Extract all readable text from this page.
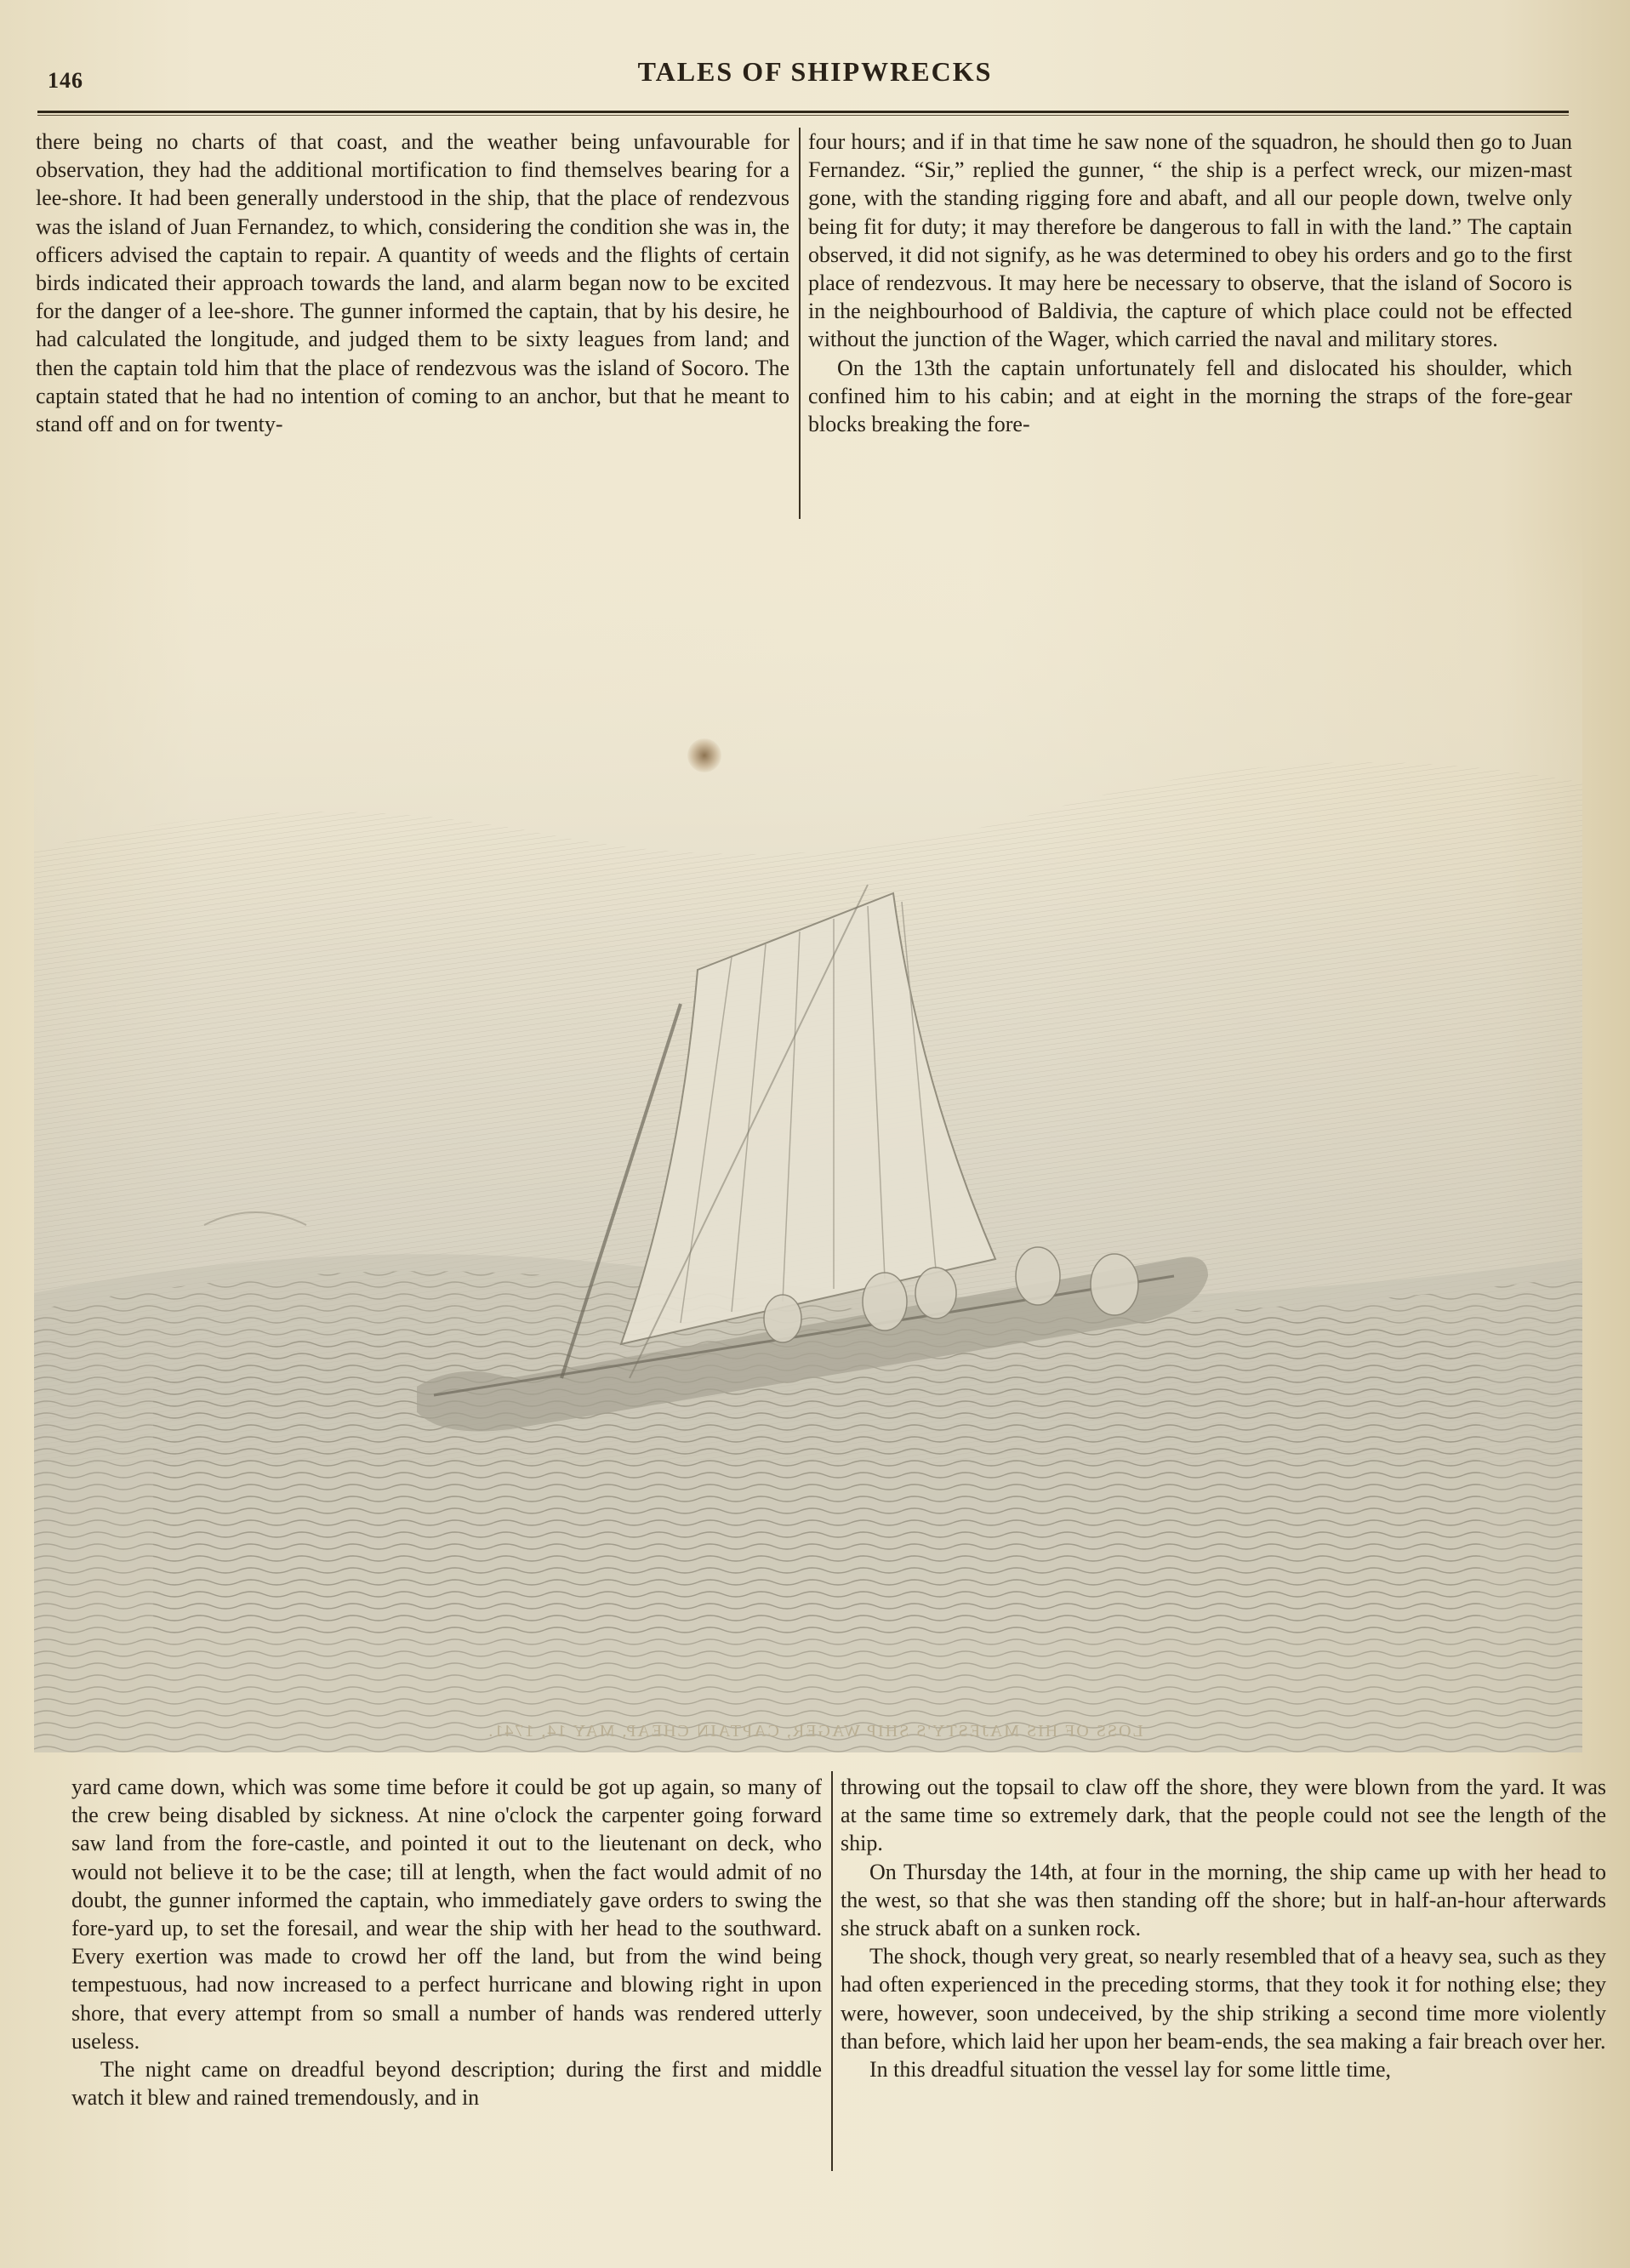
146	TALES OF SHIPWRECKS

there being no charts of that coast, and the weather being unfavourable for observation, they had the additional mortification to find themselves bearing for a lee-shore. It had been generally understood in the ship, that the place of rendezvous was the island of Juan Fernandez, to which, considering the condition she was in, the officers advised the captain to repair. A quantity of weeds and the flights of certain birds indicated their approach towards the land, and alarm began now to be excited for the danger of a lee-shore. The gunner informed the captain, that by his desire, he had calculated the longitude, and judged them to be sixty leagues from land; and then the captain told him that the place of rendezvous was the island of Socoro. The captain stated that he had no intention of coming to an anchor, but that he meant to stand off and on for twenty-

four hours; and if in that time he saw none of the squadron, he should then go to Juan Fernandez. “Sir,” replied the gunner, “ the ship is a perfect wreck, our mizen-mast gone, with the standing rigging fore and abaft, and all our people down, twelve only being fit for duty; it may therefore be dangerous to fall in with the land.” The captain observed, it did not signify, as he was determined to obey his orders and go to the first place of rendezvous. It may here be necessary to observe, that the island of Socoro is in the neighbourhood of Baldivia, the capture of which place could not be effected without the junction of the Wager, which carried the naval and military stores.

On the 13th the captain unfortunately fell and dislocated his shoulder, which confined him to his cabin; and at eight in the morning the straps of the fore-gear blocks breaking the fore-

LOSS OF HIS MAJESTY'S SHIP WAGER, CAPTAIN CHEAP, MAY 14, 1741.

yard came down, which was some time before it could be got up again, so many of the crew being disabled by sickness. At nine o'clock the carpenter going forward saw land from the fore-castle, and pointed it out to the lieutenant on deck, who would not believe it to be the case; till at length, when the fact would admit of no doubt, the gunner informed the captain, who immediately gave orders to swing the fore-yard up, to set the foresail, and wear the ship with her head to the southward. Every exertion was made to crowd her off the land, but from the wind being tempestuous, had now increased to a perfect hurricane and blowing right in upon shore, that every attempt from so small a number of hands was rendered utterly useless.

The night came on dreadful beyond description; during the first and middle watch it blew and rained tremendously, and in

throwing out the topsail to claw off the shore, they were blown from the yard. It was at the same time so extremely dark, that the people could not see the length of the ship.

On Thursday the 14th, at four in the morning, the ship came up with her head to the west, so that she was then standing off the shore; but in half-an-hour afterwards she struck abaft on a sunken rock.

The shock, though very great, so nearly resembled that of a heavy sea, such as they had often experienced in the preceding storms, that they took it for nothing else; they were, however, soon undeceived, by the ship striking a second time more violently than before, which laid her upon her beam-ends, the sea making a fair breach over her.

In this dreadful situation the vessel lay for some little time,
